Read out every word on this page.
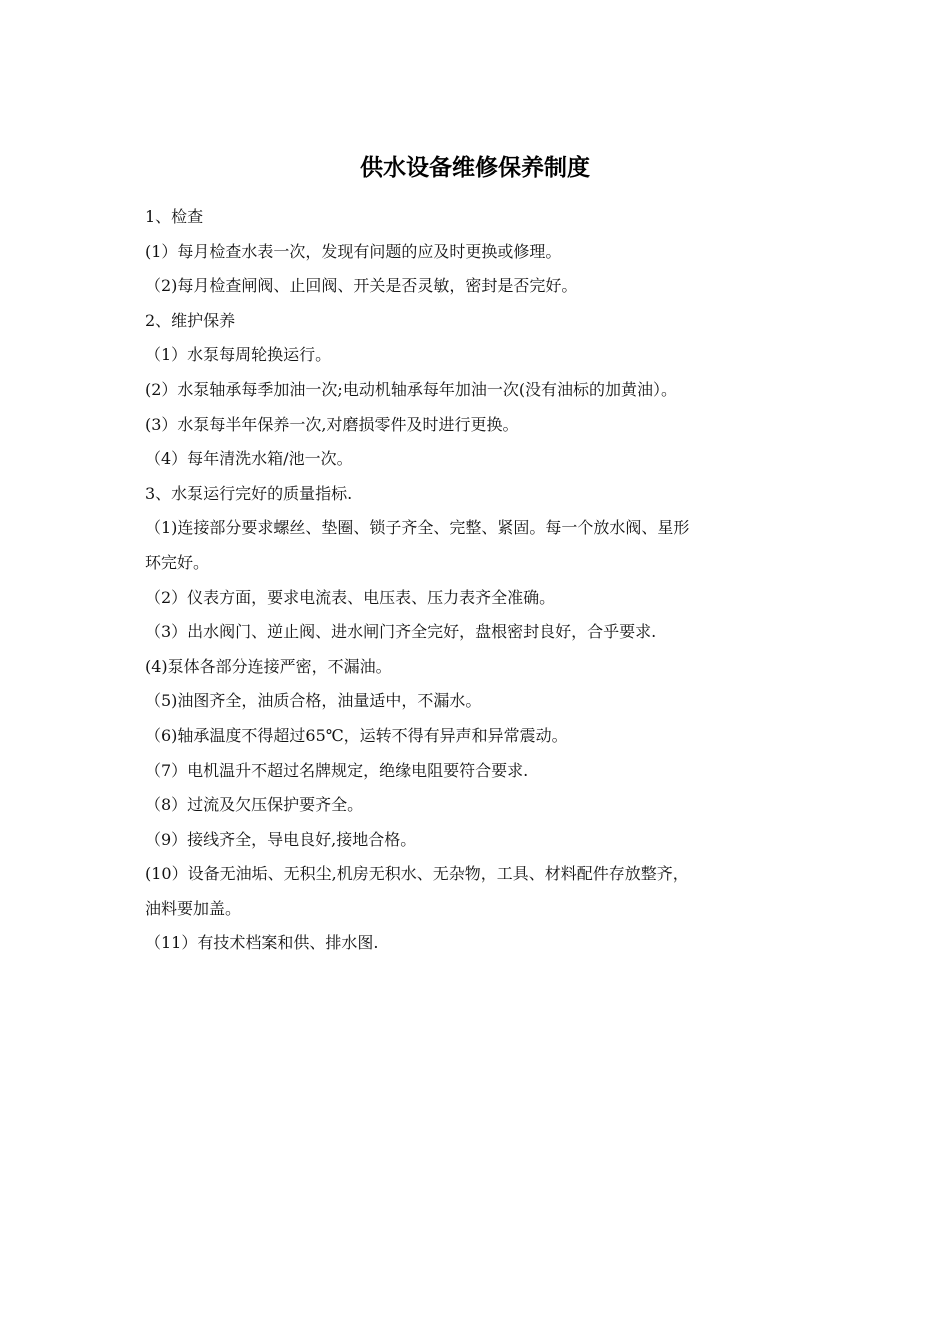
供水设备维修保养制度
1、检查
(1）每月检查水表一次，发现有问题的应及时更换或修理。
（2)每月检查闸阀、止回阀、开关是否灵敏，密封是否完好。
2、维护保养
（1）水泵每周轮换运行。
(2）水泵轴承每季加油一次;电动机轴承每年加油一次(没有油标的加黄油）。
(3）水泵每半年保养一次,对磨损零件及时进行更换。
（4）每年清洗水箱/池一次。
3、水泵运行完好的质量指标.
（1)连接部分要求螺丝、垫圈、锁子齐全、完整、紧固。每一个放水阀、星形
环完好。
（2）仪表方面，要求电流表、电压表、压力表齐全准确。
（3）出水阀门、逆止阀、进水闸门齐全完好，盘根密封良好，合乎要求.
(4)泵体各部分连接严密，不漏油。
（5)油图齐全，油质合格，油量适中，不漏水。
（6)轴承温度不得超过65℃，运转不得有异声和异常震动。
（7）电机温升不超过名牌规定，绝缘电阻要符合要求.
（8）过流及欠压保护要齐全。
（9）接线齐全，导电良好,接地合格。
(10）设备无油垢、无积尘,机房无积水、无杂物，工具、材料配件存放整齐，
油料要加盖。
（11）有技术档案和供、排水图.
